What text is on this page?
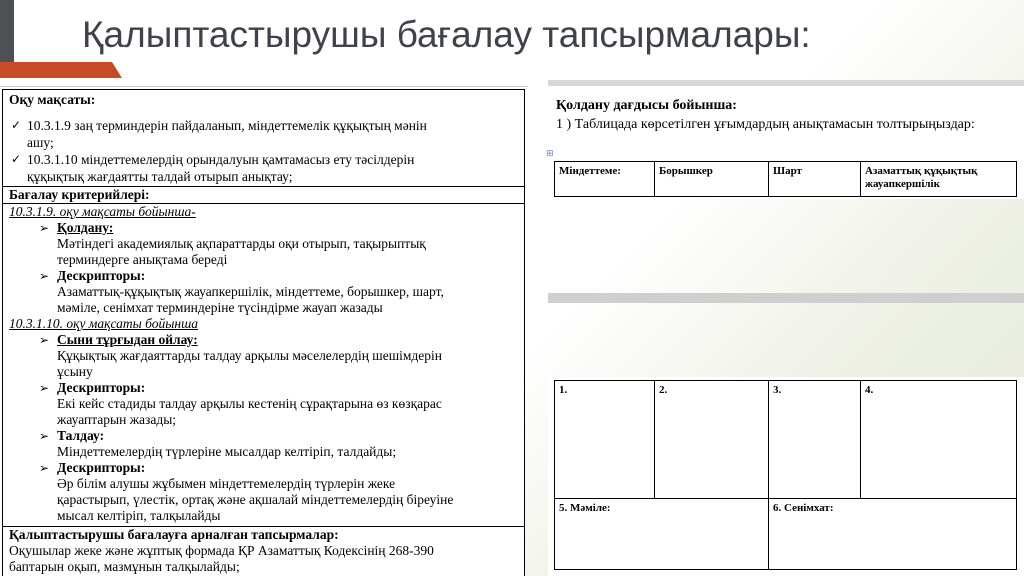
Қалыптастырушы бағалау тапсырмалары:
Оқу мақсаты:
✓ 10.3.1.9 заң терминдерін пайдаланып, міндеттемелік құқықтың мәнін
ашу;
✓ 10.3.1.10 міндеттемелердің орындалуын қамтамасыз ету тәсілдерін
құқықтық жағдаятты талдай отырып анықтау;
Бағалау критерийлері:
10.3.1.9. оқу мақсаты бойынша-
➢ Қолдану:
Мәтіндегі академиялық ақпараттарды оқи отырып, тақырыптық
терминдерге анықтама береді
➢ Дескрипторы:
Азаматтық-құқықтық жауапкершілік, міндеттеме, борышкер, шарт,
мәміле, сенімхат терминдеріне түсіндірме жауап жазады
10.3.1.10. оқу мақсаты бойынша
➢ Сыни тұрғыдан ойлау:
Құқықтық жағдаяттарды талдау арқылы мәселелердің шешімдерін
ұсыну
➢ Дескрипторы:
Екі кейс стадиды талдау арқылы кестенің сұрақтарына өз көзқарас
жауаптарын жазады;
➢ Талдау:
Міндеттемелердің түрлеріне мысалдар келтіріп, талдайды;
➢ Дескрипторы:
Әр білім алушы жұбымен міндеттемелердің түрлерін жеке
қарастырып, үлестік, ортақ және ақшалай міндеттемелердің біреуіне
мысал келтіріп, талқылайды
Қалыптастырушы бағалауға арналған тапсырмалар:
Оқушылар жеке және жұптық формада ҚР Азаматтық Кодексінің 268-390
баптарын оқып, мазмұнын талқылайды;
Қолдану дағдысы бойынша:
1 ) Таблицада көрсетілген ұғымдардың анықтамасын толтырыңыздар:
Міндеттеме:	Борышкер	Шарт	Азаматтық құқықтық жауапкершілік
⊞
1.	2.	3.	4.
5. Мәміле:		6. Сенімхат:	
